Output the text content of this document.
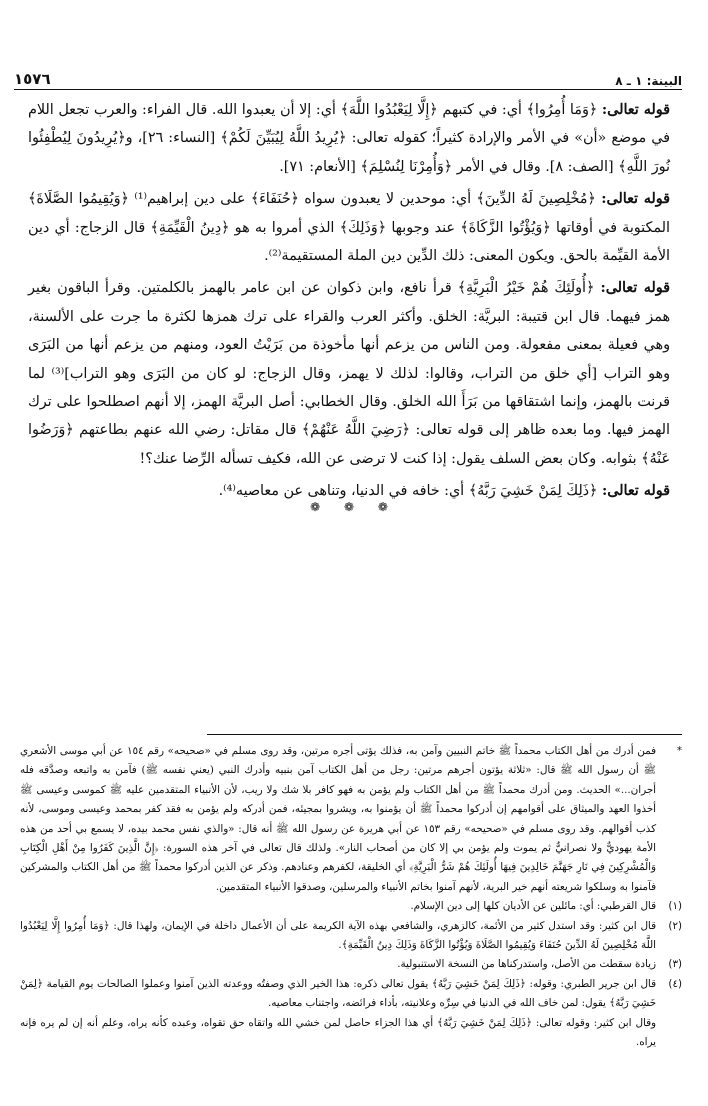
البينة: ١ ـ ٨
١٥٧٦

قوله تعالى: ﴿وَمَا أُمِرُوا﴾ أي: في كتبهم ﴿إِلَّا لِيَعْبُدُوا اللَّهَ﴾ أي: إلا أن يعبدوا الله. قال الفراء: والعرب تجعل اللام في موضع «أن» في الأمر والإرادة كثيراً؛ كقوله تعالى: ﴿يُرِيدُ اللَّهُ لِيُبَيِّنَ لَكُمْ﴾ [النساء: ٢٦]، و﴿يُرِيدُونَ لِيُطْفِئُوا نُورَ اللَّهِ﴾ [الصف: ٨]. وقال في الأمر ﴿وَأُمِرْنَا لِنُسْلِمَ﴾ [الأنعام: ٧١].

قوله تعالى: ﴿مُخْلِصِينَ لَهُ الدِّينَ﴾ أي: موحدين لا يعبدون سواه ﴿حُنَفَاءَ﴾ على دين إبراهيم⁽¹⁾ ﴿وَيُقِيمُوا الصَّلَاةَ﴾ المكتوبة في أوقاتها ﴿وَيُؤْتُوا الزَّكَاةَ﴾ عند وجوبها ﴿وَذَلِكَ﴾ الذي أمروا به هو ﴿دِينُ الْقَيِّمَةِ﴾ قال الزجاج: أي دين الأمة القيِّمة بالحق. ويكون المعنى: ذلك الدِّين دين الملة المستقيمة⁽²⁾.

قوله تعالى: ﴿أُولَئِكَ هُمْ خَيْرُ الْبَرِيَّةِ﴾ قرأ نافع، وابن ذكوان عن ابن عامر بالهمز بالكلمتين. وقرأ الباقون بغير همز فيهما. قال ابن قتيبة: البريَّة: الخلق. وأكثر العرب والقراء على ترك همزها لكثرة ما جرت على الألسنة، وهي فعيلة بمعنى مفعولة. ومن الناس من يزعم أنها مأخوذة من بَرَيْتُ العود، ومنهم من يزعم أنها من البَرَى وهو التراب [أي خلق من التراب، وقالوا: لذلك لا يهمز، وقال الزجاج: لو كان من البَرَى وهو التراب]⁽³⁾ لما قرنت بالهمز، وإنما اشتقاقها من بَرَأَ الله الخلق. وقال الخطابي: أصل البريَّة الهمز، إلا أنهم اصطلحوا على ترك الهمز فيها. وما بعده ظاهر إلى قوله تعالى: ﴿رَضِيَ اللَّهُ عَنْهُمْ﴾ قال مقاتل: رضي الله عنهم بطاعتهم ﴿وَرَضُوا عَنْهُ﴾ بثوابه. وكان بعض السلف يقول: إذا كنت لا ترضى عن الله، فكيف تسأله الرِّضا عنك؟!

قوله تعالى: ﴿ذَلِكَ لِمَنْ خَشِيَ رَبَّهُ﴾ أي: خافه في الدنيا، وتناهى عن معاصيه⁽⁴⁾.

❁ ❁ ❁
*
فمن أدرك من أهل الكتاب محمداً ﷺ خاتم النبيين وآمن به، فذلك يؤتى أجره مرتين، وقد روى مسلم في «صحيحه» رقم ١٥٤ عن أبي موسى الأشعري ﷺ أن رسول الله ﷺ قال: «ثلاثة يؤتون أجرهم مرتين: رجل من أهل الكتاب آمن بنبيه وأدرك النبي (يعني نفسه ﷺ) فآمن به واتبعه وصدَّقه فله أجران...» الحديث. ومن أدرك محمداً ﷺ من أهل الكتاب ولم يؤمن به فهو كافر بلا شك ولا ريب، لأن الأنبياء المتقدمين عليه ﷺ كموسى وعيسى ﷺ أخذوا العهد والميثاق على أقوامهم إن أدركوا محمداً ﷺ أن يؤمنوا به، ويشروا بمجيئه، فمن أدركه ولم يؤمن به فقد كفر بمحمد وعيسى وموسى، لأنه كذب أقوالهم. وقد روى مسلم في «صحيحه» رقم ١٥٣ عن أبي هريرة عن رسول الله ﷺ أنه قال: «والذي نفس محمد بيده، لا يسمع بي أحد من هذه الأمة يهوديٌّ ولا نصرانيٌّ ثم يموت ولم يؤمن بي إلا كان من أصحاب النار». ولذلك قال تعالى في آخر هذه السورة: ﴿إِنَّ الَّذِينَ كَفَرُوا مِنْ أَهْلِ الْكِتَابِ وَالْمُشْرِكِينَ فِي نَارِ جَهَنَّمَ خَالِدِينَ فِيهَا أُولَئِكَ هُمْ شَرُّ الْبَرِيَّةِ﴾ أي الخليقة، لكفرهم وعنادهم. وذكر عن الذين أدركوا محمداً ﷺ من أهل الكتاب والمشركين فآمنوا به وسلكوا شريعته أنهم خير البرية، لأنهم آمنوا بخاتم الأنبياء والمرسلين، وصدقوا الأنبياء المتقدمين.
(١)
قال القرطبي: أي: مائلين عن الأديان كلها إلى دين الإسلام.
(٢)
قال ابن كثير: وقد استدل كثير من الأئمة، كالزهري، والشافعي بهذه الآية الكريمة على أن الأعمال داخلة في الإيمان، ولهذا قال: ﴿وَمَا أُمِرُوا إِلَّا لِيَعْبُدُوا اللَّهَ مُخْلِصِينَ لَهُ الدِّينَ حُنَفَاءَ وَيُقِيمُوا الصَّلَاةَ وَيُؤْتُوا الزَّكَاةَ وَذَلِكَ دِينُ الْقَيِّمَةِ﴾.
(٣)
زيادة سقطت من الأصل، واستدركناها من النسخة الاستنبولية.
(٤)
قال ابن جرير الطبري: وقوله: ﴿ذَلِكَ لِمَنْ خَشِيَ رَبَّهُ﴾ يقول تعالى ذكره: هذا الخير الذي وصفتُه ووعدته الذين آمنوا وعملوا الصالحات يوم القيامة ﴿لِمَنْ خَشِيَ رَبَّهُ﴾ يقول: لمن خاف الله في الدنيا في سِرِّه وعلانيته، بأداء فرائضه، واجتناب معاصيه.
وقال ابن كثير: وقوله تعالى: ﴿ذَلِكَ لِمَنْ خَشِيَ رَبَّهُ﴾ أي هذا الجزاء حاصل لمن خشي الله واتقاه حق تقواه، وعبده كأنه يراه، وعلم أنه إن لم يره فإنه يراه.
